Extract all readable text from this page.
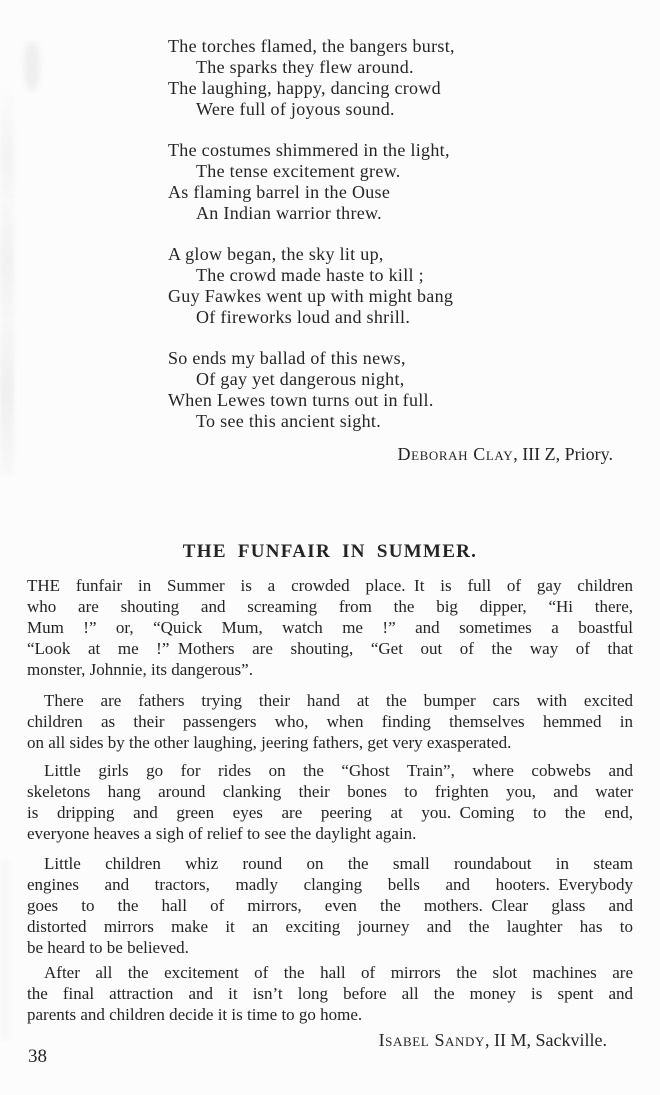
The torches flamed, the bangers burst,
The sparks they flew around.
The laughing, happy, dancing crowd
Were full of joyous sound.
The costumes shimmered in the light,
The tense excitement grew.
As flaming barrel in the Ouse
An Indian warrior threw.
A glow began, the sky lit up,
The crowd made haste to kill ;
Guy Fawkes went up with might bang
Of fireworks loud and shrill.
So ends my ballad of this news,
Of gay yet dangerous night,
When Lewes town turns out in full.
To see this ancient sight.
Deborah Clay, III Z, Priory.
THE FUNFAIR IN SUMMER.
THE funfair in Summer is a crowded place. It is full of gay children
who are shouting and screaming from the big dipper, “Hi there,
Mum !” or, “Quick Mum, watch me !” and sometimes a boastful
“Look at me !” Mothers are shouting, “Get out of the way of that
monster, Johnnie, its dangerous”.
There are fathers trying their hand at the bumper cars with excited
children as their passengers who, when finding themselves hemmed in
on all sides by the other laughing, jeering fathers, get very exasperated.
Little girls go for rides on the “Ghost Train”, where cobwebs and
skeletons hang around clanking their bones to frighten you, and water
is dripping and green eyes are peering at you. Coming to the end,
everyone heaves a sigh of relief to see the daylight again.
Little children whiz round on the small roundabout in steam
engines and tractors, madly clanging bells and hooters. Everybody
goes to the hall of mirrors, even the mothers. Clear glass and
distorted mirrors make it an exciting journey and the laughter has to
be heard to be believed.
After all the excitement of the hall of mirrors the slot machines are
the final attraction and it isn’t long before all the money is spent and
parents and children decide it is time to go home.
Isabel Sandy, II M, Sackville.
38
